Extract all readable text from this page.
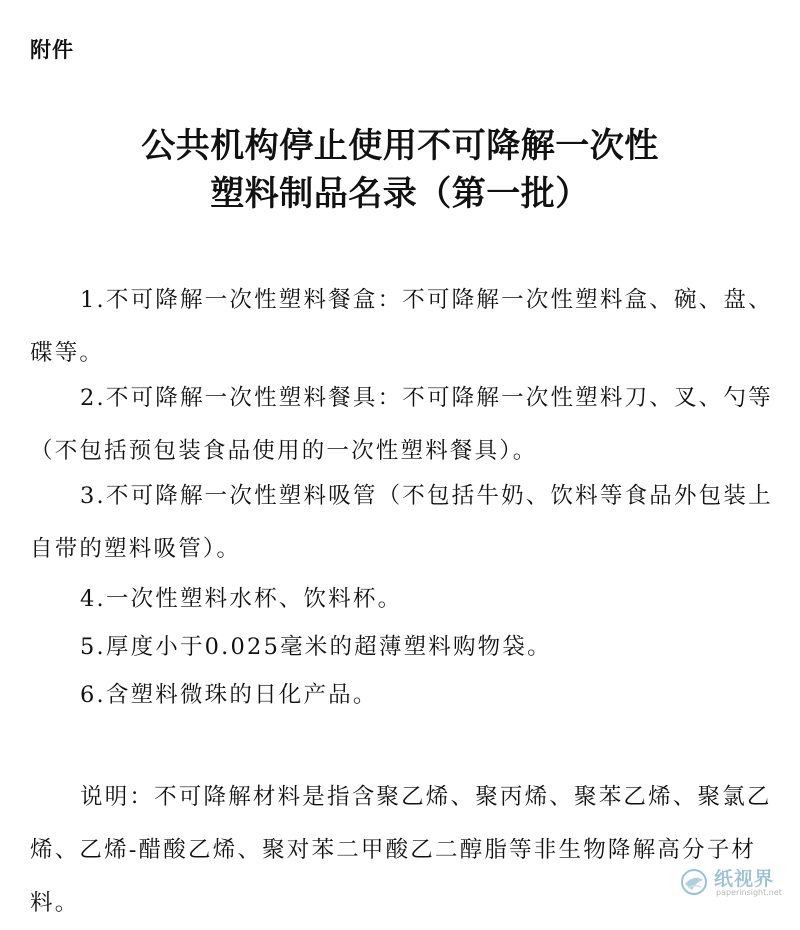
附件
公共机构停止使用不可降解一次性
塑料制品名录（第一批）

1.不可降解一次性塑料餐盒：不可降解一次性塑料盒、碗、盘、碟等。

2.不可降解一次性塑料餐具：不可降解一次性塑料刀、叉、勺等（不包括预包装食品使用的一次性塑料餐具）。

3.不可降解一次性塑料吸管（不包括牛奶、饮料等食品外包装上自带的塑料吸管）。

4.一次性塑料水杯、饮料杯。

5.厚度小于0.025毫米的超薄塑料购物袋。

6.含塑料微珠的日化产品。

说明：不可降解材料是指含聚乙烯、聚丙烯、聚苯乙烯、聚氯乙烯、乙烯-醋酸乙烯、聚对苯二甲酸乙二醇脂等非生物降解高分子材料。

纸视界
paperinsight.net
